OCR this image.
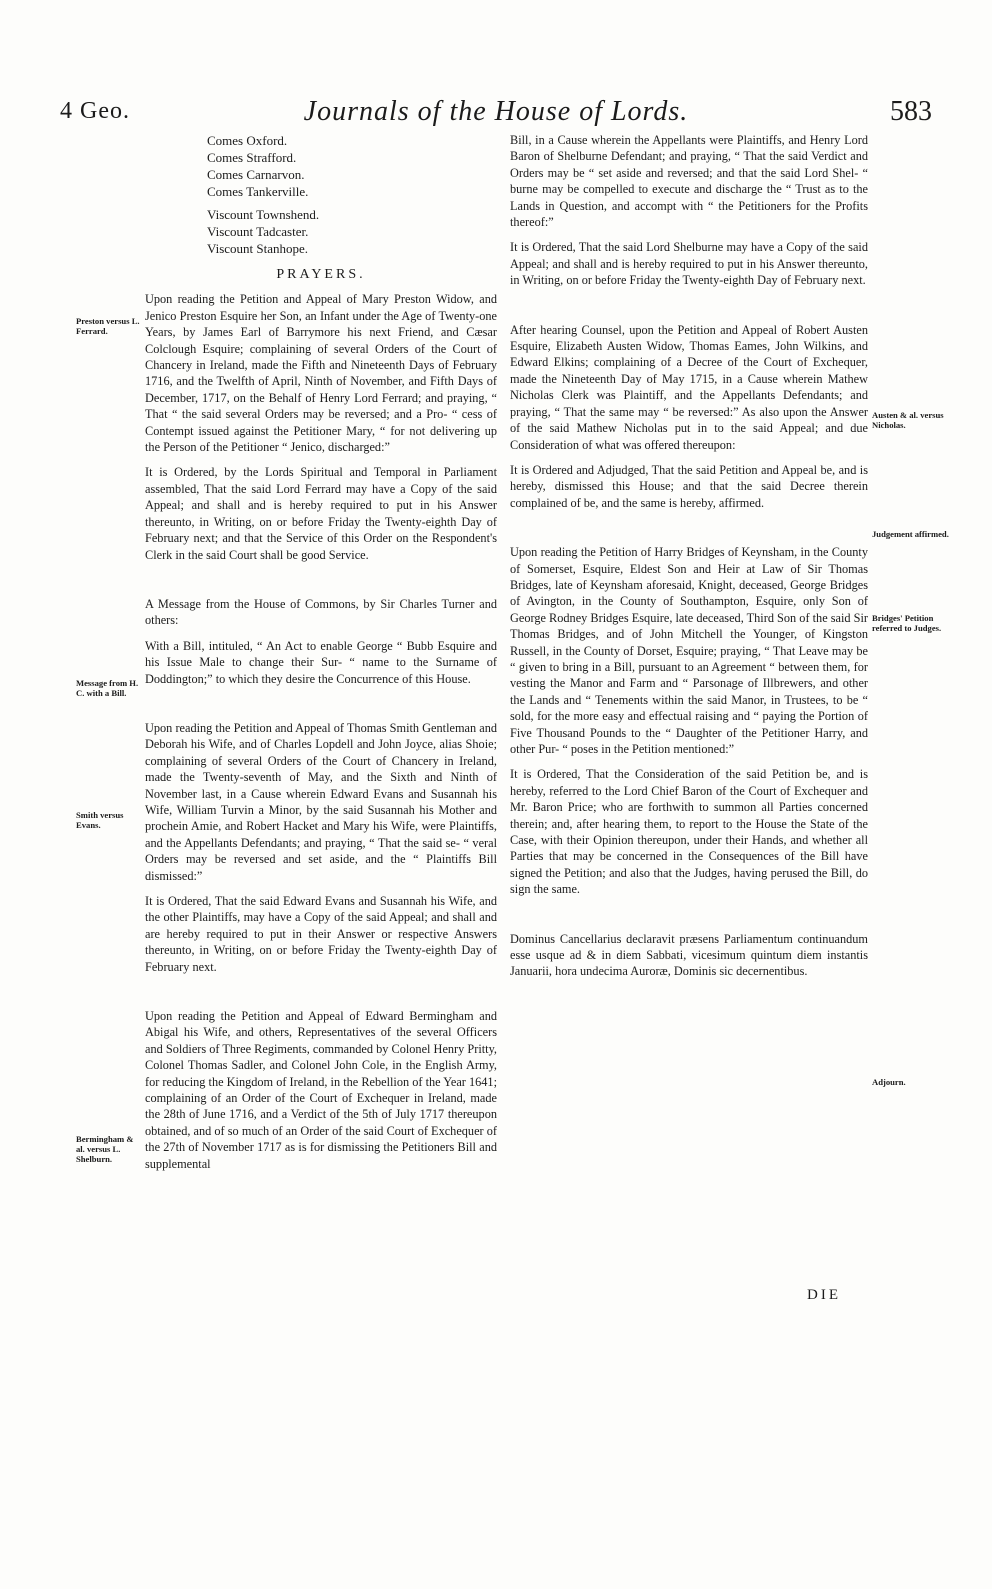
4 Geo.	Journals of the House of Lords.	583
Comes Oxford.
Comes Strafford.
Comes Carnarvon.
Comes Tankerville.
Viscount Townshend.
Viscount Tadcaster.
Viscount Stanhope.
PRAYERS.

Upon reading the Petition and Appeal of Mary Preston Widow, and Jenico Preston Esquire her Son, an Infant under the Age of Twenty-one Years, by James Earl of Barrymore his next Friend, and Cæsar Colclough Esquire; complaining of several Orders of the Court of Chancery in Ireland, made the Fifth and Nineteenth Days of February 1716, and the Twelfth of April, Ninth of November, and Fifth Days of December, 1717, on the Behalf of Henry Lord Ferrard; and praying, “ That “ the said several Orders may be reversed; and a Pro- “ cess of Contempt issued against the Petitioner Mary, “ for not delivering up the Person of the Petitioner “ Jenico, discharged:”

It is Ordered, by the Lords Spiritual and Temporal in Parliament assembled, That the said Lord Ferrard may have a Copy of the said Appeal; and shall and is hereby required to put in his Answer thereunto, in Writing, on or before Friday the Twenty-eighth Day of February next; and that the Service of this Order on the Respondent's Clerk in the said Court shall be good Service.

A Message from the House of Commons, by Sir Charles Turner and others:

With a Bill, intituled, “ An Act to enable George “ Bubb Esquire and his Issue Male to change their Sur- “ name to the Surname of Doddington;” to which they desire the Concurrence of this House.

Upon reading the Petition and Appeal of Thomas Smith Gentleman and Deborah his Wife, and of Charles Lopdell and John Joyce, alias Shoie; complaining of several Orders of the Court of Chancery in Ireland, made the Twenty-seventh of May, and the Sixth and Ninth of November last, in a Cause wherein Edward Evans and Susannah his Wife, William Turvin a Minor, by the said Susannah his Mother and prochein Amie, and Robert Hacket and Mary his Wife, were Plaintiffs, and the Appellants Defendants; and praying, “ That the said se- “ veral Orders may be reversed and set aside, and the “ Plaintiffs Bill dismissed:”

It is Ordered, That the said Edward Evans and Susannah his Wife, and the other Plaintiffs, may have a Copy of the said Appeal; and shall and are hereby required to put in their Answer or respective Answers thereunto, in Writing, on or before Friday the Twenty-eighth Day of February next.

Upon reading the Petition and Appeal of Edward Bermingham and Abigal his Wife, and others, Representatives of the several Officers and Soldiers of Three Regiments, commanded by Colonel Henry Pritty, Colonel Thomas Sadler, and Colonel John Cole, in the English Army, for reducing the Kingdom of Ireland, in the Rebellion of the Year 1641; complaining of an Order of the Court of Exchequer in Ireland, made the 28th of June 1716, and a Verdict of the 5th of July 1717 thereupon obtained, and of so much of an Order of the said Court of Exchequer of the 27th of November 1717 as is for dismissing the Petitioners Bill and supplemental

Bill, in a Cause wherein the Appellants were Plaintiffs, and Henry Lord Baron of Shelburne Defendant; and praying, “ That the said Verdict and Orders may be “ set aside and reversed; and that the said Lord Shel- “ burne may be compelled to execute and discharge the “ Trust as to the Lands in Question, and accompt with “ the Petitioners for the Profits thereof:”

It is Ordered, That the said Lord Shelburne may have a Copy of the said Appeal; and shall and is hereby required to put in his Answer thereunto, in Writing, on or before Friday the Twenty-eighth Day of February next.

After hearing Counsel, upon the Petition and Appeal of Robert Austen Esquire, Elizabeth Austen Widow, Thomas Eames, John Wilkins, and Edward Elkins; complaining of a Decree of the Court of Exchequer, made the Nineteenth Day of May 1715, in a Cause wherein Mathew Nicholas Clerk was Plaintiff, and the Appellants Defendants; and praying, “ That the same may “ be reversed:” As also upon the Answer of the said Mathew Nicholas put in to the said Appeal; and due Consideration of what was offered thereupon:

It is Ordered and Adjudged, That the said Petition and Appeal be, and is hereby, dismissed this House; and that the said Decree therein complained of be, and the same is hereby, affirmed.

Upon reading the Petition of Harry Bridges of Keynsham, in the County of Somerset, Esquire, Eldest Son and Heir at Law of Sir Thomas Bridges, late of Keynsham aforesaid, Knight, deceased, George Bridges of Avington, in the County of Southampton, Esquire, only Son of George Rodney Bridges Esquire, late deceased, Third Son of the said Sir Thomas Bridges, and of John Mitchell the Younger, of Kingston Russell, in the County of Dorset, Esquire; praying, “ That Leave may be “ given to bring in a Bill, pursuant to an Agreement “ between them, for vesting the Manor and Farm and “ Parsonage of Illbrewers, and other the Lands and “ Tenements within the said Manor, in Trustees, to be “ sold, for the more easy and effectual raising and “ paying the Portion of Five Thousand Pounds to the “ Daughter of the Petitioner Harry, and other Pur- “ poses in the Petition mentioned:”

It is Ordered, That the Consideration of the said Petition be, and is hereby, referred to the Lord Chief Baron of the Court of Exchequer and Mr. Baron Price; who are forthwith to summon all Parties concerned therein; and, after hearing them, to report to the House the State of the Case, with their Opinion thereupon, under their Hands, and whether all Parties that may be concerned in the Consequences of the Bill have signed the Petition; and also that the Judges, having perused the Bill, do sign the same.

Dominus Cancellarius declaravit præsens Parliamentum continuandum esse usque ad & in diem Sabbati, vicesimum quintum diem instantis Januarii, hora undecima Auroræ, Dominis sic decernentibus.

Preston versus L. Ferrard.
Message from H. C. with a Bill.
Smith versus Evans.
Bermingham & al. versus L. Shelburn.
Austen & al. versus Nicholas.
Judgement affirmed.
Bridges' Petition referred to Judges.
Adjourn.
DIE
